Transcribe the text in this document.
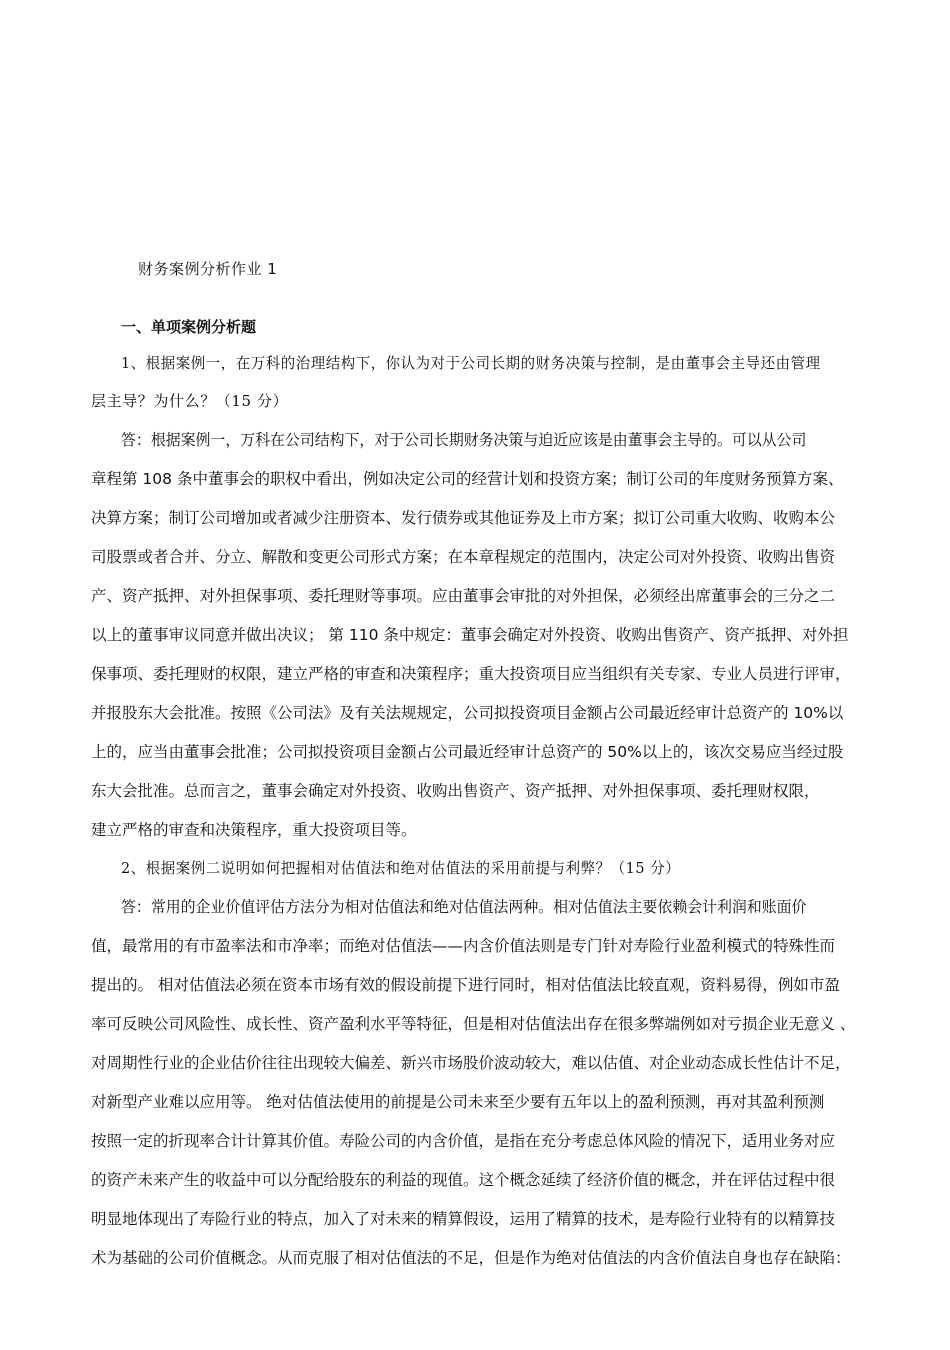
财务案例分析作业 1
一、单项案例分析题
1、根据案例一，在万科的治理结构下，你认为对于公司长期的财务决策与控制，是由董事会主导还由管理
层主导？为什么？（15 分）
答：根据案例一，万科在公司结构下，对于公司长期财务决策与迫近应该是由董事会主导的。可以从公司
章程第 108 条中董事会的职权中看出，例如决定公司的经营计划和投资方案；制订公司的年度财务预算方案、
决算方案；制订公司增加或者减少注册资本、发行债券或其他证券及上市方案；拟订公司重大收购、收购本公
司股票或者合并、分立、解散和变更公司形式方案；在本章程规定的范围内，决定公司对外投资、收购出售资
产、资产抵押、对外担保事项、委托理财等事项。应由董事会审批的对外担保，必须经出席董事会的三分之二
以上的董事审议同意并做出决议； 第 110 条中规定：董事会确定对外投资、收购出售资产、资产抵押、对外担
保事项、委托理财的权限，建立严格的审查和决策程序；重大投资项目应当组织有关专家、专业人员进行评审，
并报股东大会批准。按照《公司法》及有关法规规定，公司拟投资项目金额占公司最近经审计总资产的 10%以
上的，应当由董事会批准；公司拟投资项目金额占公司最近经审计总资产的 50%以上的，该次交易应当经过股
东大会批准。总而言之，董事会确定对外投资、收购出售资产、资产抵押、对外担保事项、委托理财权限，
建立严格的审查和决策程序，重大投资项目等。
2、根据案例二说明如何把握相对估值法和绝对估值法的采用前提与利弊？（15 分）
答：常用的企业价值评估方法分为相对估值法和绝对估值法两种。相对估值法主要依赖会计利润和账面价
值，最常用的有市盈率法和市净率；而绝对估值法——内含价值法则是专门针对寿险行业盈利模式的特殊性而
提出的。 相对估值法必须在资本市场有效的假设前提下进行同时，相对估值法比较直观，资料易得，例如市盈
率可反映公司风险性、成长性、资产盈利水平等特征，但是相对估值法出存在很多弊端例如对亏损企业无意义 、
对周期性行业的企业估价往往出现较大偏差、新兴市场股价波动较大，难以估值、对企业动态成长性估计不足，
对新型产业难以应用等。 绝对估值法使用的前提是公司未来至少要有五年以上的盈利预测，再对其盈利预测
按照一定的折现率合计计算其价值。寿险公司的内含价值，是指在充分考虑总体风险的情况下，适用业务对应
的资产未来产生的收益中可以分配给股东的利益的现值。这个概念延续了经济价值的概念，并在评估过程中很
明显地体现出了寿险行业的特点，加入了对未来的精算假设，运用了精算的技术，是寿险行业特有的以精算技
术为基础的公司价值概念。从而克服了相对估值法的不足，但是作为绝对估值法的内含价值法自身也存在缺陷：
